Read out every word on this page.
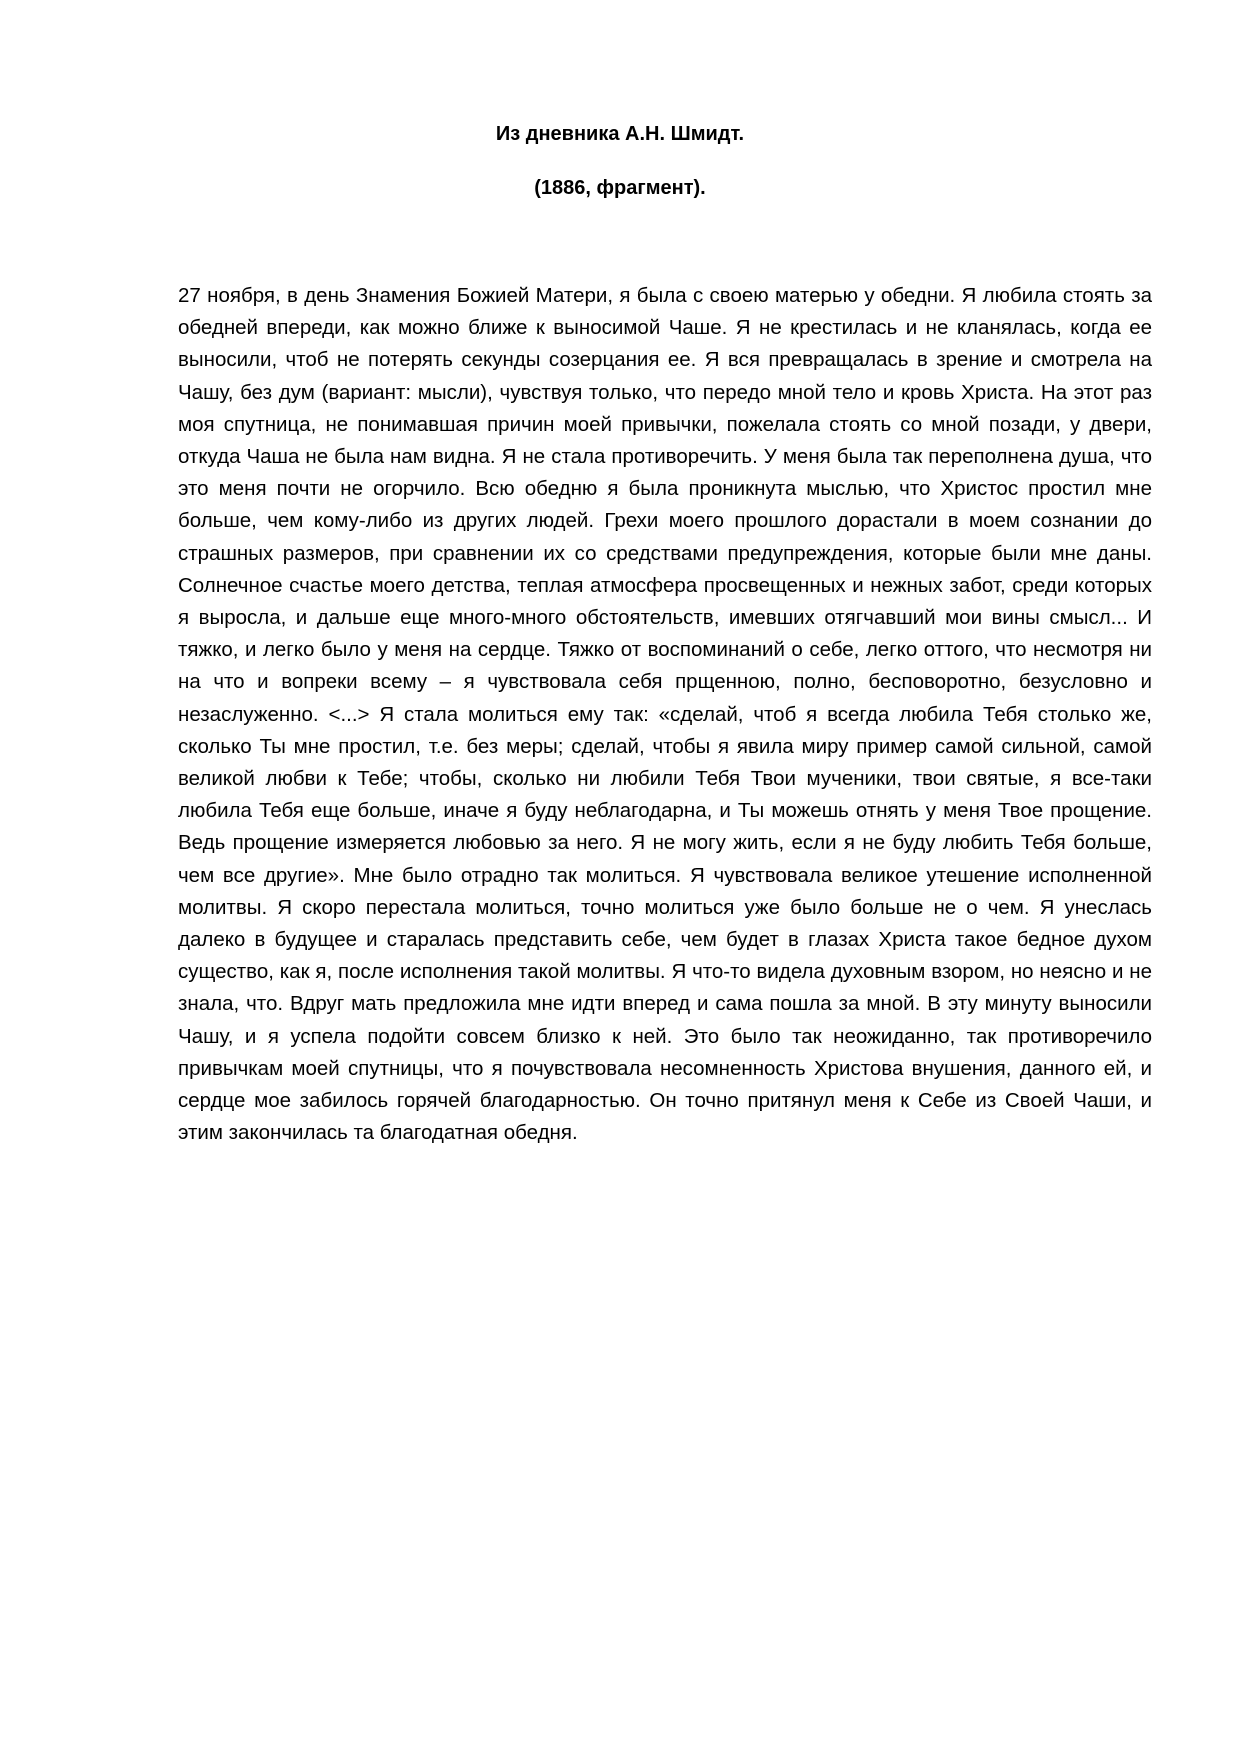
Из дневника А.Н. Шмидт.
(1886, фрагмент).

27 ноября, в день Знамения Божией Матери, я была с своею матерью у обедни. Я любила стоять за обедней впереди, как можно ближе к выносимой Чаше. Я не крестилась и не кланялась, когда ее выносили, чтоб не потерять секунды созерцания ее. Я вся превращалась в зрение и смотрела на Чашу, без дум (вариант: мысли), чувствуя только, что передо мной тело и кровь Христа. На этот раз моя спутница, не понимавшая причин моей привычки, пожелала стоять со мной позади, у двери, откуда Чаша не была нам видна. Я не стала противоречить. У меня была так переполнена душа, что это меня почти не огорчило. Всю обедню я была проникнута мыслью, что Христос простил мне больше, чем кому-либо из других людей. Грехи моего прошлого дорастали в моем сознании до страшных размеров, при сравнении их со средствами предупреждения, которые были мне даны. Солнечное счастье моего детства, теплая атмосфера просвещенных и нежных забот, среди которых я выросла, и дальше еще много-много обстоятельств, имевших отягчавший мои вины смысл... И тяжко, и легко было у меня на сердце. Тяжко от воспоминаний о себе, легко оттого, что несмотря ни на что и вопреки всему – я чувствовала себя прщенною, полно, бесповоротно, безусловно и незаслуженно. <...> Я стала молиться ему так: «сделай, чтоб я всегда любила Тебя столько же, сколько Ты мне простил, т.е. без меры; сделай, чтобы я явила миру пример самой сильной, самой великой любви к Тебе; чтобы, сколько ни любили Тебя Твои мученики, твои святые, я все-таки любила Тебя еще больше, иначе я буду неблагодарна, и Ты можешь отнять у меня Твое прощение. Ведь прощение измеряется любовью за него. Я не могу жить, если я не буду любить Тебя больше, чем все другие». Мне было отрадно так молиться. Я чувствовала великое утешение исполненной молитвы. Я скоро перестала молиться, точно молиться уже было больше не о чем. Я унеслась далеко в будущее и старалась представить себе, чем будет в глазах Христа такое бедное духом существо, как я, после исполнения такой молитвы. Я что-то видела духовным взором, но неясно и не знала, что. Вдруг мать предложила мне идти вперед и сама пошла за мной. В эту минуту выносили Чашу, и я успела подойти совсем близко к ней. Это было так неожиданно, так противоречило привычкам моей спутницы, что я почувствовала несомненность Христова внушения, данного ей, и сердце мое забилось горячей благодарностью. Он точно притянул меня к Себе из Своей Чаши, и этим закончилась та благодатная обедня.
